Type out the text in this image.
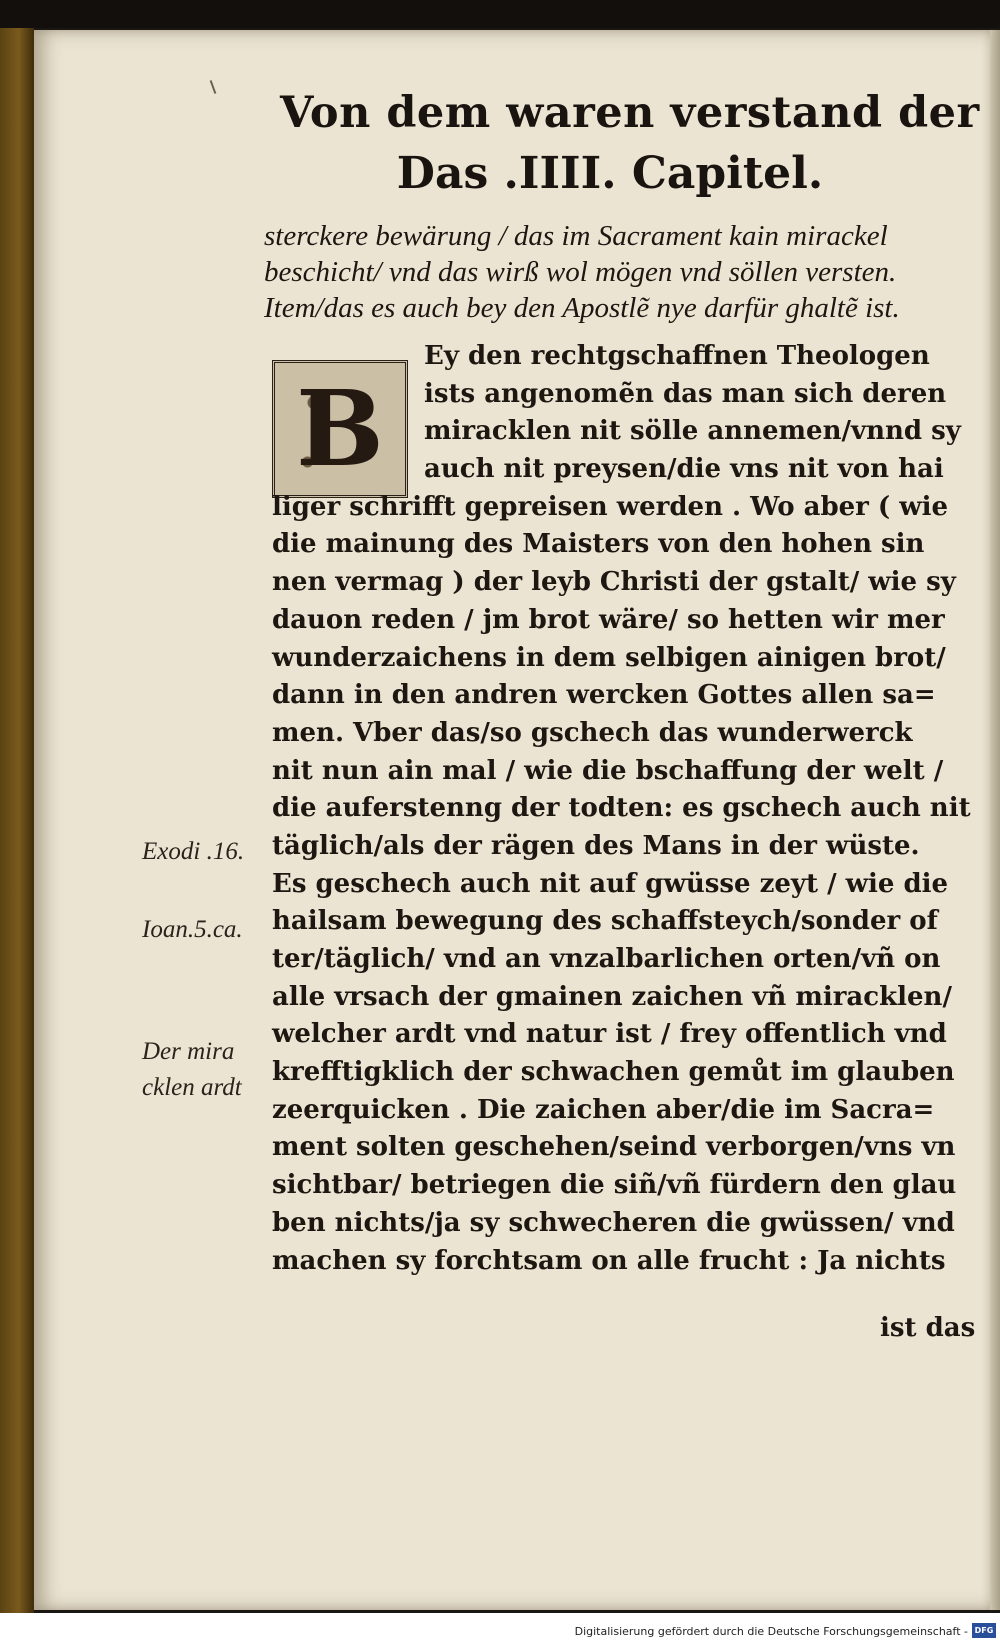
Von dem waren verstand der
Das .IIII. Capitel.
sterckere bewärung / das im Sacrament kain mirackel
beschicht/ vnd das wirß wol mögen vnd söllen versten.
Item/das es auch bey den Apostlẽ nye darfür ghaltẽ ist.
B
Ey den rechtgschaffnen Theologen
ists angenomẽn das man sich deren
miracklen nit sölle annemen/vnnd sy
auch nit preysen/die vns nit von hai
liger schrifft gepreisen werden . Wo aber ( wie
die mainung des Maisters von den hohen sin
nen vermag ) der leyb Christi der gstalt/ wie sy
dauon reden / jm brot wäre/ so hetten wir mer
wunderzaichens in dem selbigen ainigen brot/
dann in den andren wercken Gottes allen sa=
men. Vber das/so gschech das wunderwerck
nit nun ain mal / wie die bschaffung der welt /
die auferstenng der todten: es gschech auch nit
täglich/als der rägen des Mans in der wüste.
Es geschech auch nit auf gwüsse zeyt / wie die
hailsam bewegung des schaffsteych/sonder of
ter/täglich/ vnd an vnzalbarlichen orten/vñ on
alle vrsach der gmainen zaichen vñ miracklen/
welcher ardt vnd natur ist / frey offentlich vnd
krefftigklich der schwachen gemůt im glauben
zeerquicken . Die zaichen aber/die im Sacra=
ment solten geschehen/seind verborgen/vns vn
sichtbar/ betriegen die siñ/vñ fürdern den glau
ben nichts/ja sy schwecheren die gwüssen/ vnd
machen sy forchtsam on alle frucht : Ja nichts
ist das
Exodi .16.
Ioan.5.ca.
Der mira
cklen ardt
Digitalisierung gefördert durch die Deutsche Forschungsgemeinschaft - DFG
